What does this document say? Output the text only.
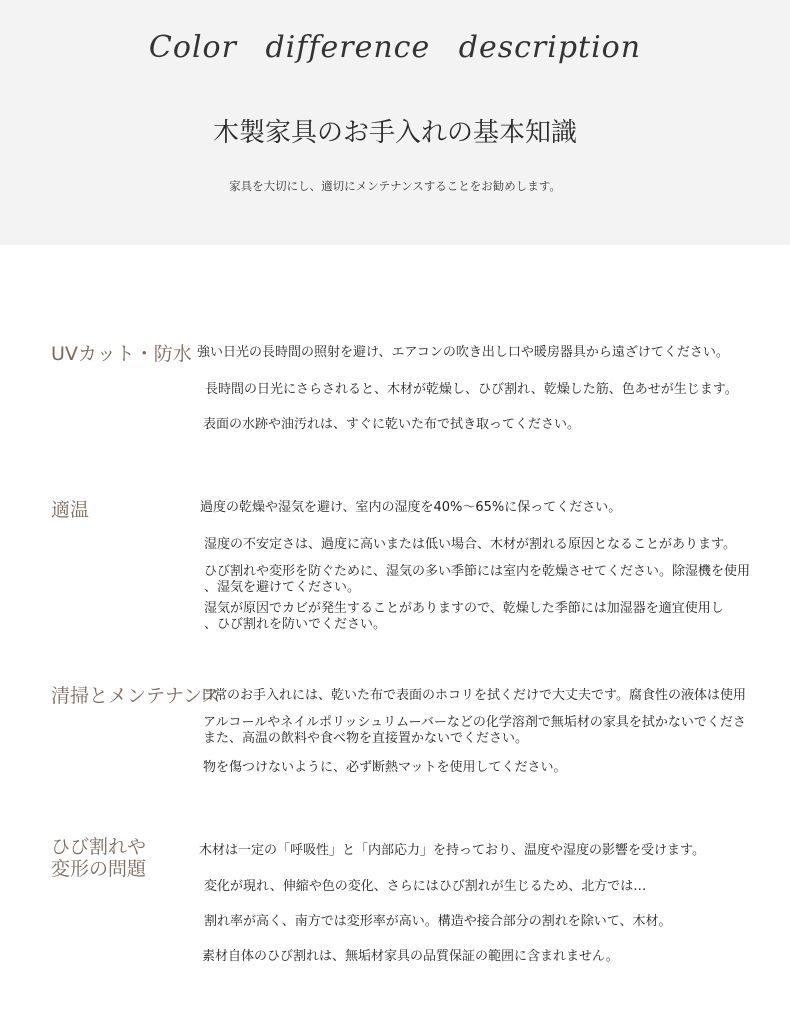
Color difference description
木製家具のお手入れの基本知識
家具を大切にし、適切にメンテナンスすることをお勧めします。
UVカット・防水 強い日光の長時間の照射を避け、エアコンの吹き出し口や暖房器具から遠ざけてください。
長時間の日光にさらされると、木材が乾燥し、ひび割れ、乾燥した筋、色あせが生じます。
表面の水跡や油汚れは、すぐに乾いた布で拭き取ってください。
適温	過度の乾燥や湿気を避け、室内の湿度を40%～65%に保ってください。
湿度の不安定さは、過度に高いまたは低い場合、木材が割れる原因となることがあります。
ひび割れや変形を防ぐために、湿気の多い季節には室内を乾燥させてください。除湿機を使用
、湿気を避けてください。
湿気が原因でカビが発生することがありますので、乾燥した季節には加湿器を適宜使用し
、ひび割れを防いでください。
清掃とメンテナンス
日常のお手入れには、乾いた布で表面のホコリを拭くだけで大丈夫です。腐食性の液体は使用
アルコールやネイルポリッシュリムーバーなどの化学溶剤で無垢材の家具を拭かないでくださ
また、高温の飲料や食べ物を直接置かないでください。
物を傷つけないように、必ず断熱マットを使用してください。
ひび割れや変形の問題
木材は一定の「呼吸性」と「内部応力」を持っており、温度や湿度の影響を受けます。
変化が現れ、伸縮や色の変化、さらにはひび割れが生じるため、北方では…
割れ率が高く、南方では変形率が高い。構造や接合部分の割れを除いて、木材。
素材自体のひび割れは、無垢材家具の品質保証の範囲に含まれません。
